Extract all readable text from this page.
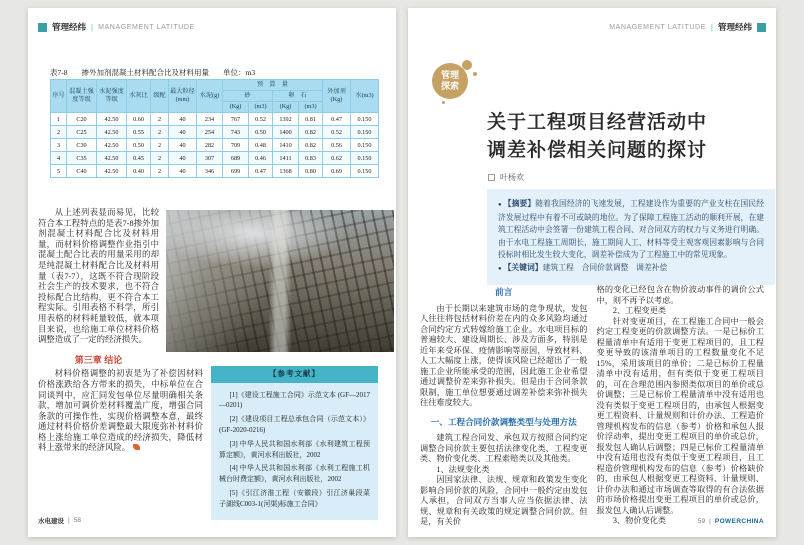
管理经纬 | MANAGEMENT LATITUDE
表7-8 掺外加剂混凝土材料配合比及材料用量 单位：m3
序号	混凝土强度等级	水泥强度等级	水灰比	级配	最大粒径(mm)	水泥(g)	预　算　量				外加剂(Kg)	水(m3)
							砂		卵　石			
							(Kg)	(m3)	(Kg)	(m3)		
1	C20	42.50	0.60	2	40	234	767	0.52	1392	0.81	0.47	0.150
2	C25	42.50	0.55	2	40	254	743	0.50	1400	0.82	0.52	0.150
3	C30	42.50	0.50	2	40	282	709	0.48	1410	0.82	0.56	0.150
4	C35	42.50	0.45	2	40	307	689	0.46	1411	0.83	0.62	0.150
5	C40	42.50	0.40	2	40	346	699	0.47	1368	0.80	0.69	0.150
【参考文献】

[1]《建设工程施工合同》示范文本 (GF—2017—0201)

[2]《建设项目工程总承包合同（示范文本）》(GF-2020-0216)

[3] 中华人民共和国水利部《水利建筑工程预算定额》，黄河水利出版社，2002

[4] 中华人民共和国水利部《水利工程施工机械台时费定额》，黄河水利出版社，2002

[5]《引江济淮工程（安徽段）引江济巢段菜子湖线C003-1(河渠)标施工合同》

从上述列表显而易见，比较符合本工程特点的是表7-8掺外加剂混凝土材料配合比及材料用量，而材料价格调整作业指引中混凝土配合比表的用量采用的却是纯混凝土材料配合比及材料用量（表7-7），这既不符合现阶段社会生产的技术要求，也不符合投标配合比结构，更不符合本工程实际。引用表格不科学，所引用表格的材料耗量较低，就本项目来说，也给施工单位材料价格调整造成了一定的经济损失。

第三章 结论

材料价格调整的初衷是为了补偿因材料价格涨跌给各方带来的损失，中标单位在合同谈判中，应汇同发包单位尽量明确相关条款，增加可调价差材料覆盖广度，增强合同条款的可操作性，实现价格调整本意，最终通过材料价格价差调整最大限度弥补材料价格上涨给施工单位造成的经济损失，降低材料上涨带来的经济风险。

水电建设 | 58
MANAGEMENT LATITUDE | 管理经纬
管理
探索
关于工程项目经营活动中
调差补偿相关问题的探讨
叶杨欢

● 【摘要】随着我国经济的飞速发展，工程建设作为重要的产业支柱在国民经济发展过程中有着不可或缺的地位。为了保障工程施工活动的顺利开展，在建筑工程活动中会签署一份建筑工程合同、对合同双方的权力与义务进行明确。由于水电工程施工周期长，施工期间人工、材料等受主观客观因素影响与合同投标时相比发生较大变化，调差补偿成为了工程施工中的常见现象。

● 【关键词】建筑工程　合同价款调整　调差补偿

前言

由于长期以来建筑市场的竞争现状，发包人往往将包括材料价差在内的众多风险均通过合同约定方式转嫁给施工企业。水电项目标的普遍较大、建设周期长、涉及方面多，特别是近年来受环保、疫情影响等原因，导致材料、人工大幅度上涨，使得该风险已经超出了一般施工企业所能承受的范围，因此施工企业希望通过调整价差来弥补损失。但是由于合同条款限制，施工单位想要通过调差补偿来弥补损失往往难度较大。

一、工程合同价款调整类型与处理方法

建筑工程合同发、承包双方按照合同约定调整合同价款主要包括法律变化类、工程变更类、物价变化类、工程索赔类以及其他类。

1、法规变化类

因国家法律、法规、规章和政策发生变化影响合同价款的风险，合同中一般约定由发包人承担，合同双方当事人应当依据法律、法规、规章和有关政策的规定调整合同价款。但是，有关价

格的变化已经包含在物价波动事件的调价公式中，则不再予以考虑。

2、工程变更类

针对变更项目，在工程施工合同中一般会约定工程变更的价款调整方法。一是已标价工程量清单中有适用于变更工程项目的，且工程变更导致的该清单项目的工程数量变化不足15%，采用该项目的单价；二是已标价工程量清单中没有适用，但有类似于变更工程项目的，可在合理范围内参照类似项目的单价或总价调整；三是已标价工程量清单中没有适用也没有类似于变更工程项目的，由承包人根据变更工程资料、计量规则和计价办法、工程造价管理机构发布的信息（参考）价格和承包人报价浮动率，提出变更工程项目的单价或总价，报发包人确认后调整；四是已标价工程量清单中没有适用也没有类似于变更工程项目，且工程造价管理机构发布的信息（参考）价格缺价的，由承包人根据变更工程资料、计量规则、计价办法和通过市场调查等取得的有合法依据的市场价格提出变更工程项目的单价或总价，报发包人确认后调整。

3、物价变化类	59 | POWERCHINA
